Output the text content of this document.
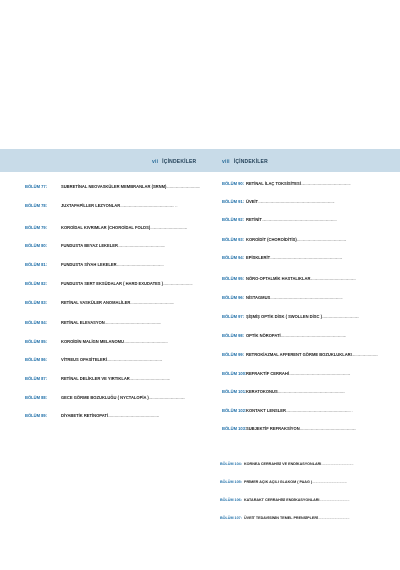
vii İÇİNDEKİLER	viii İÇİNDEKİLER
BÖLÜM 77:	SUBRETİNAL NEOVASKÜLER MEMBRANLAR (SRNM)........................................
BÖLÜM 78:	JUXTAPAPİLLER LEZYONLAR................................................................ . .
BÖLÜM 79:	KOROİDAL KIVRIMLAR (CHOROİDAL FOLDS)............................................
BÖLÜM 80:	FUNDUSTA BEYAZ LEKELER........................................................
BÖLÜM 81:	FUNDUSTA SİYAH LEKELER........................................................
BÖLÜM 82:	FUNDUSTA SERT EKSÜDALAR ( HARD EXUDATES )...................................
BÖLÜM 83:	RETİNAL VASKÜLER ANOMALİLER....................................................
BÖLÜM 84:	RETİNAL ELEVASYON...................................................................
BÖLÜM 85:	KOROİDİN MALİGN MELANOMU....................................................
BÖLÜM 86:	VİTREUS OPASİTELERİ..................................................................
BÖLÜM 87:	RETİNAL DELİKLER VE YIRTIKLAR................................................
BÖLÜM 88:	GECE GÖRME BOZUKLUĞU ( NYCTALOPİA )...........................................
BÖLÜM 89:	DİYABETİK RETİNOPATİ.............................................................
BÖLÜM 90: RETİNAL İLAÇ TOKSİSİTESİ...........................................................
BÖLÜM 91: ÜVEİT...........................................................................................
BÖLÜM 92: RETİNİT.........................................................................................
BÖLÜM 93: KOROİDİT (CHOROİDİTİS)...........................................................
BÖLÜM 94: EPİSKLERİT......................................................................................
BÖLÜM 95: NÖRO-OFTALMİK HASTALIKLAR......................................................
BÖLÜM 96: NİSTAGMUS......................................................................................
BÖLÜM 97: ŞİŞMİŞ OPTİK DİSK ( SWOLLEN DİSC )............................................
BÖLÜM 98: OPTİK NÖROPATİ..............................................................................
BÖLÜM 99: RETROKİAZMAL AFFERENT GÖRME BOZUKLUKLARI...............................
BÖLÜM 100:REFRAKTİF CERRAHİ.........................................................................
BÖLÜM 101:KERATOKONUS................................................................................
BÖLÜM 102:KONTAKT LENSLER...........................................................................…
BÖLÜM 103:SUBJEKTİF REFRAKSİYON...................................................................
BÖLÜM 104: KORNEA CERRAHİSİ VE ENDİKASYONLARI............................................
BÖLÜM 105: PRİMER AÇIK AÇILI GLAKOM ( PAAG )................................................
BÖLÜM 106: KATARAKT CERRAHİSİ ENDİKASYONLARI.........................................
BÖLÜM 107: ÜVEİT TEDAVİSİNİN TEMEL PRENSİPLERİ...........................................
